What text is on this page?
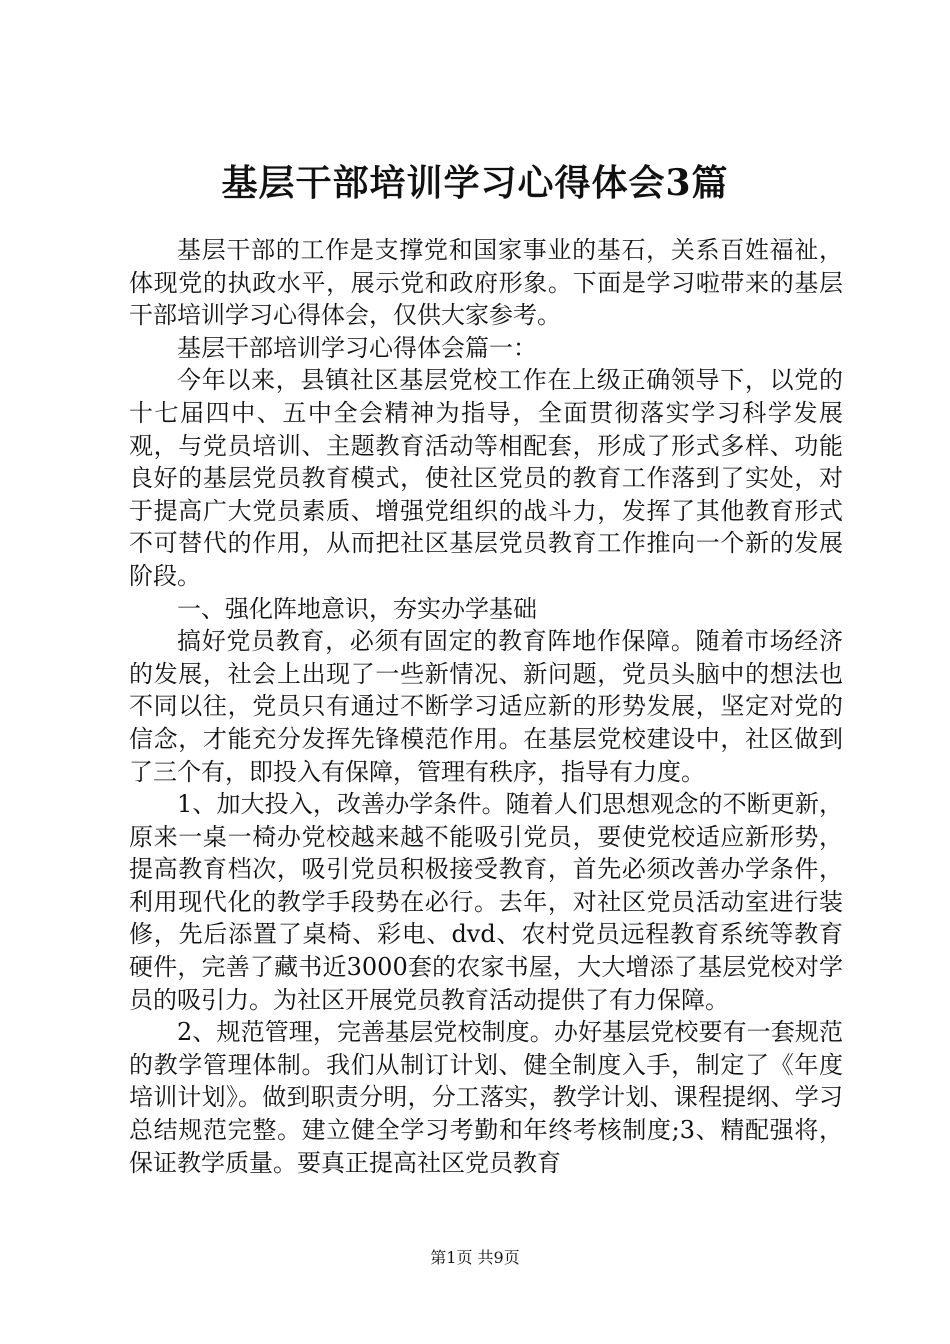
基层干部培训学习心得体会3篇

基层干部的工作是支撑党和国家事业的基石，关系百姓福祉，体现党的执政水平，展示党和政府形象。下面是学习啦带来的基层干部培训学习心得体会，仅供大家参考。

基层干部培训学习心得体会篇一：

今年以来，县镇社区基层党校工作在上级正确领导下，以党的十七届四中、五中全会精神为指导，全面贯彻落实学习科学发展观，与党员培训、主题教育活动等相配套，形成了形式多样、功能良好的基层党员教育模式，使社区党员的教育工作落到了实处，对于提高广大党员素质、增强党组织的战斗力，发挥了其他教育形式不可替代的作用，从而把社区基层党员教育工作推向一个新的发展阶段。

一、强化阵地意识，夯实办学基础

搞好党员教育，必须有固定的教育阵地作保障。随着市场经济的发展，社会上出现了一些新情况、新问题，党员头脑中的想法也不同以往，党员只有通过不断学习适应新的形势发展，坚定对党的信念，才能充分发挥先锋模范作用。在基层党校建设中，社区做到了三个有，即投入有保障，管理有秩序，指导有力度。

1、加大投入，改善办学条件。随着人们思想观念的不断更新，原来一桌一椅办党校越来越不能吸引党员，要使党校适应新形势，提高教育档次，吸引党员积极接受教育，首先必须改善办学条件，利用现代化的教学手段势在必行。去年，对社区党员活动室进行装修，先后添置了桌椅、彩电、dvd、农村党员远程教育系统等教育硬件，完善了藏书近3000套的农家书屋，大大增添了基层党校对学员的吸引力。为社区开展党员教育活动提供了有力保障。

2、规范管理，完善基层党校制度。办好基层党校要有一套规范的教学管理体制。我们从制订计划、健全制度入手，制定了《年度培训计划》。做到职责分明，分工落实，教学计划、课程提纲、学习总结规范完整。建立健全学习考勤和年终考核制度;3、精配强将，保证教学质量。要真正提高社区党员教育

第1页 共9页
